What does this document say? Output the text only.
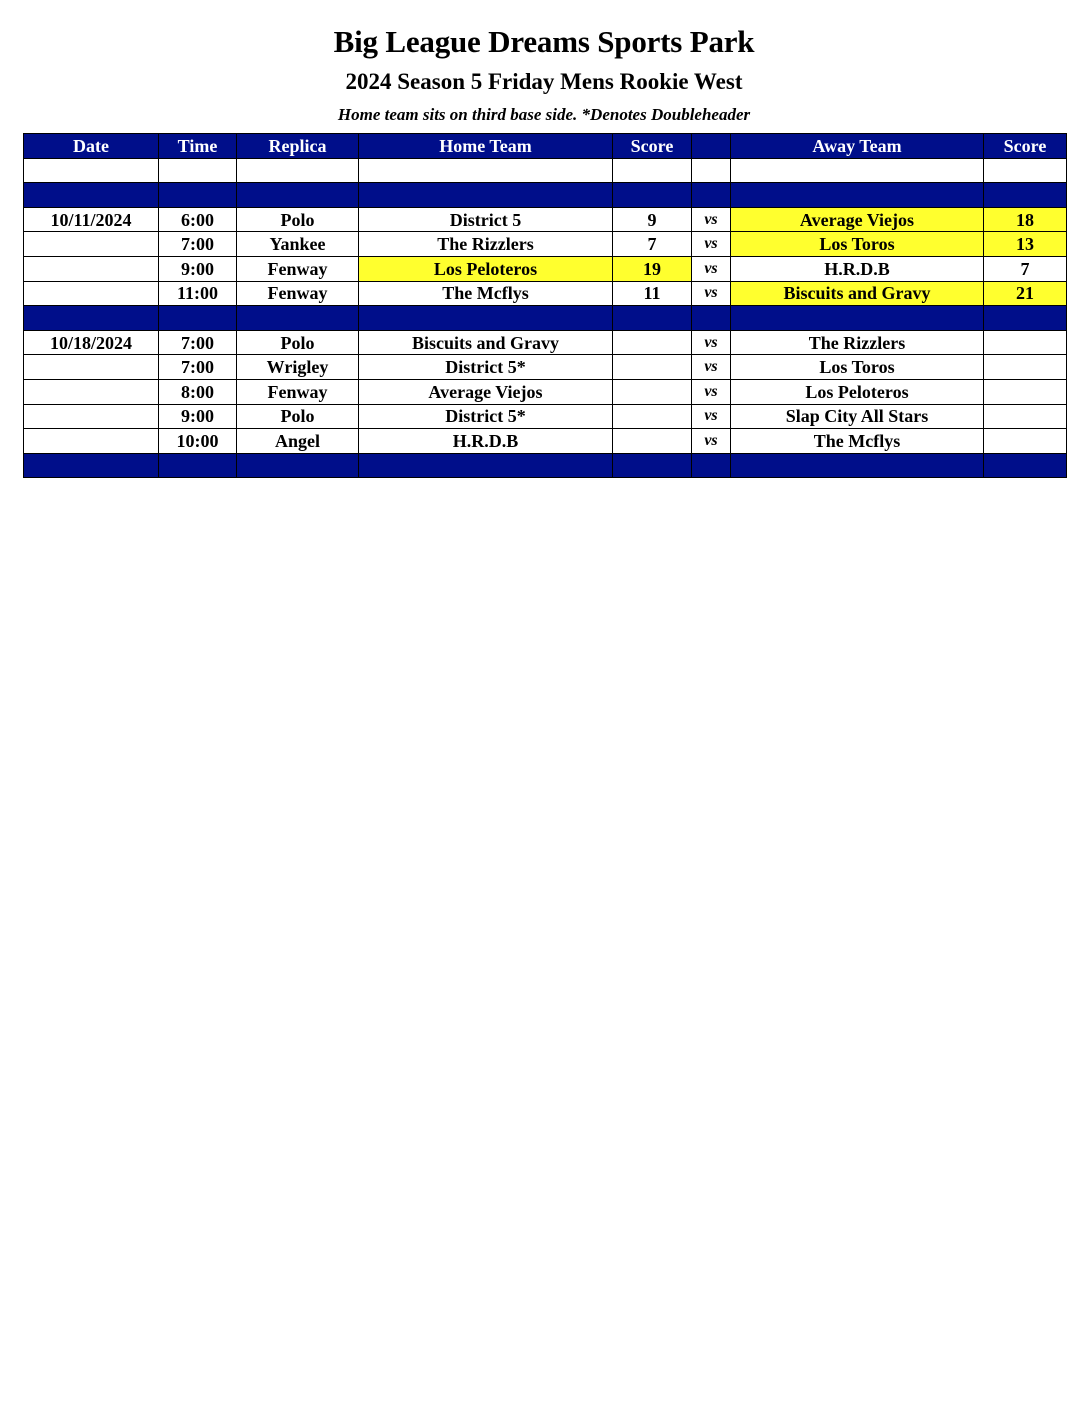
Big League Dreams Sports Park
2024 Season 5 Friday Mens Rookie West
Home team sits on third base side. *Denotes Doubleheader
Date	Time	Replica	Home Team	Score		Away Team	Score

10/11/2024	6:00	Polo	District 5	9	vs	Average Viejos	18
	7:00	Yankee	The Rizzlers	7	vs	Los Toros	13
	9:00	Fenway	Los Peloteros	19	vs	H.R.D.B	7
	11:00	Fenway	The Mcflys	11	vs	Biscuits and Gravy	21

10/18/2024	7:00	Polo	Biscuits and Gravy		vs	The Rizzlers	
	7:00	Wrigley	District 5*		vs	Los Toros	
	8:00	Fenway	Average Viejos		vs	Los Peloteros	
	9:00	Polo	District 5*		vs	Slap City All Stars	
	10:00	Angel	H.R.D.B		vs	The Mcflys	
